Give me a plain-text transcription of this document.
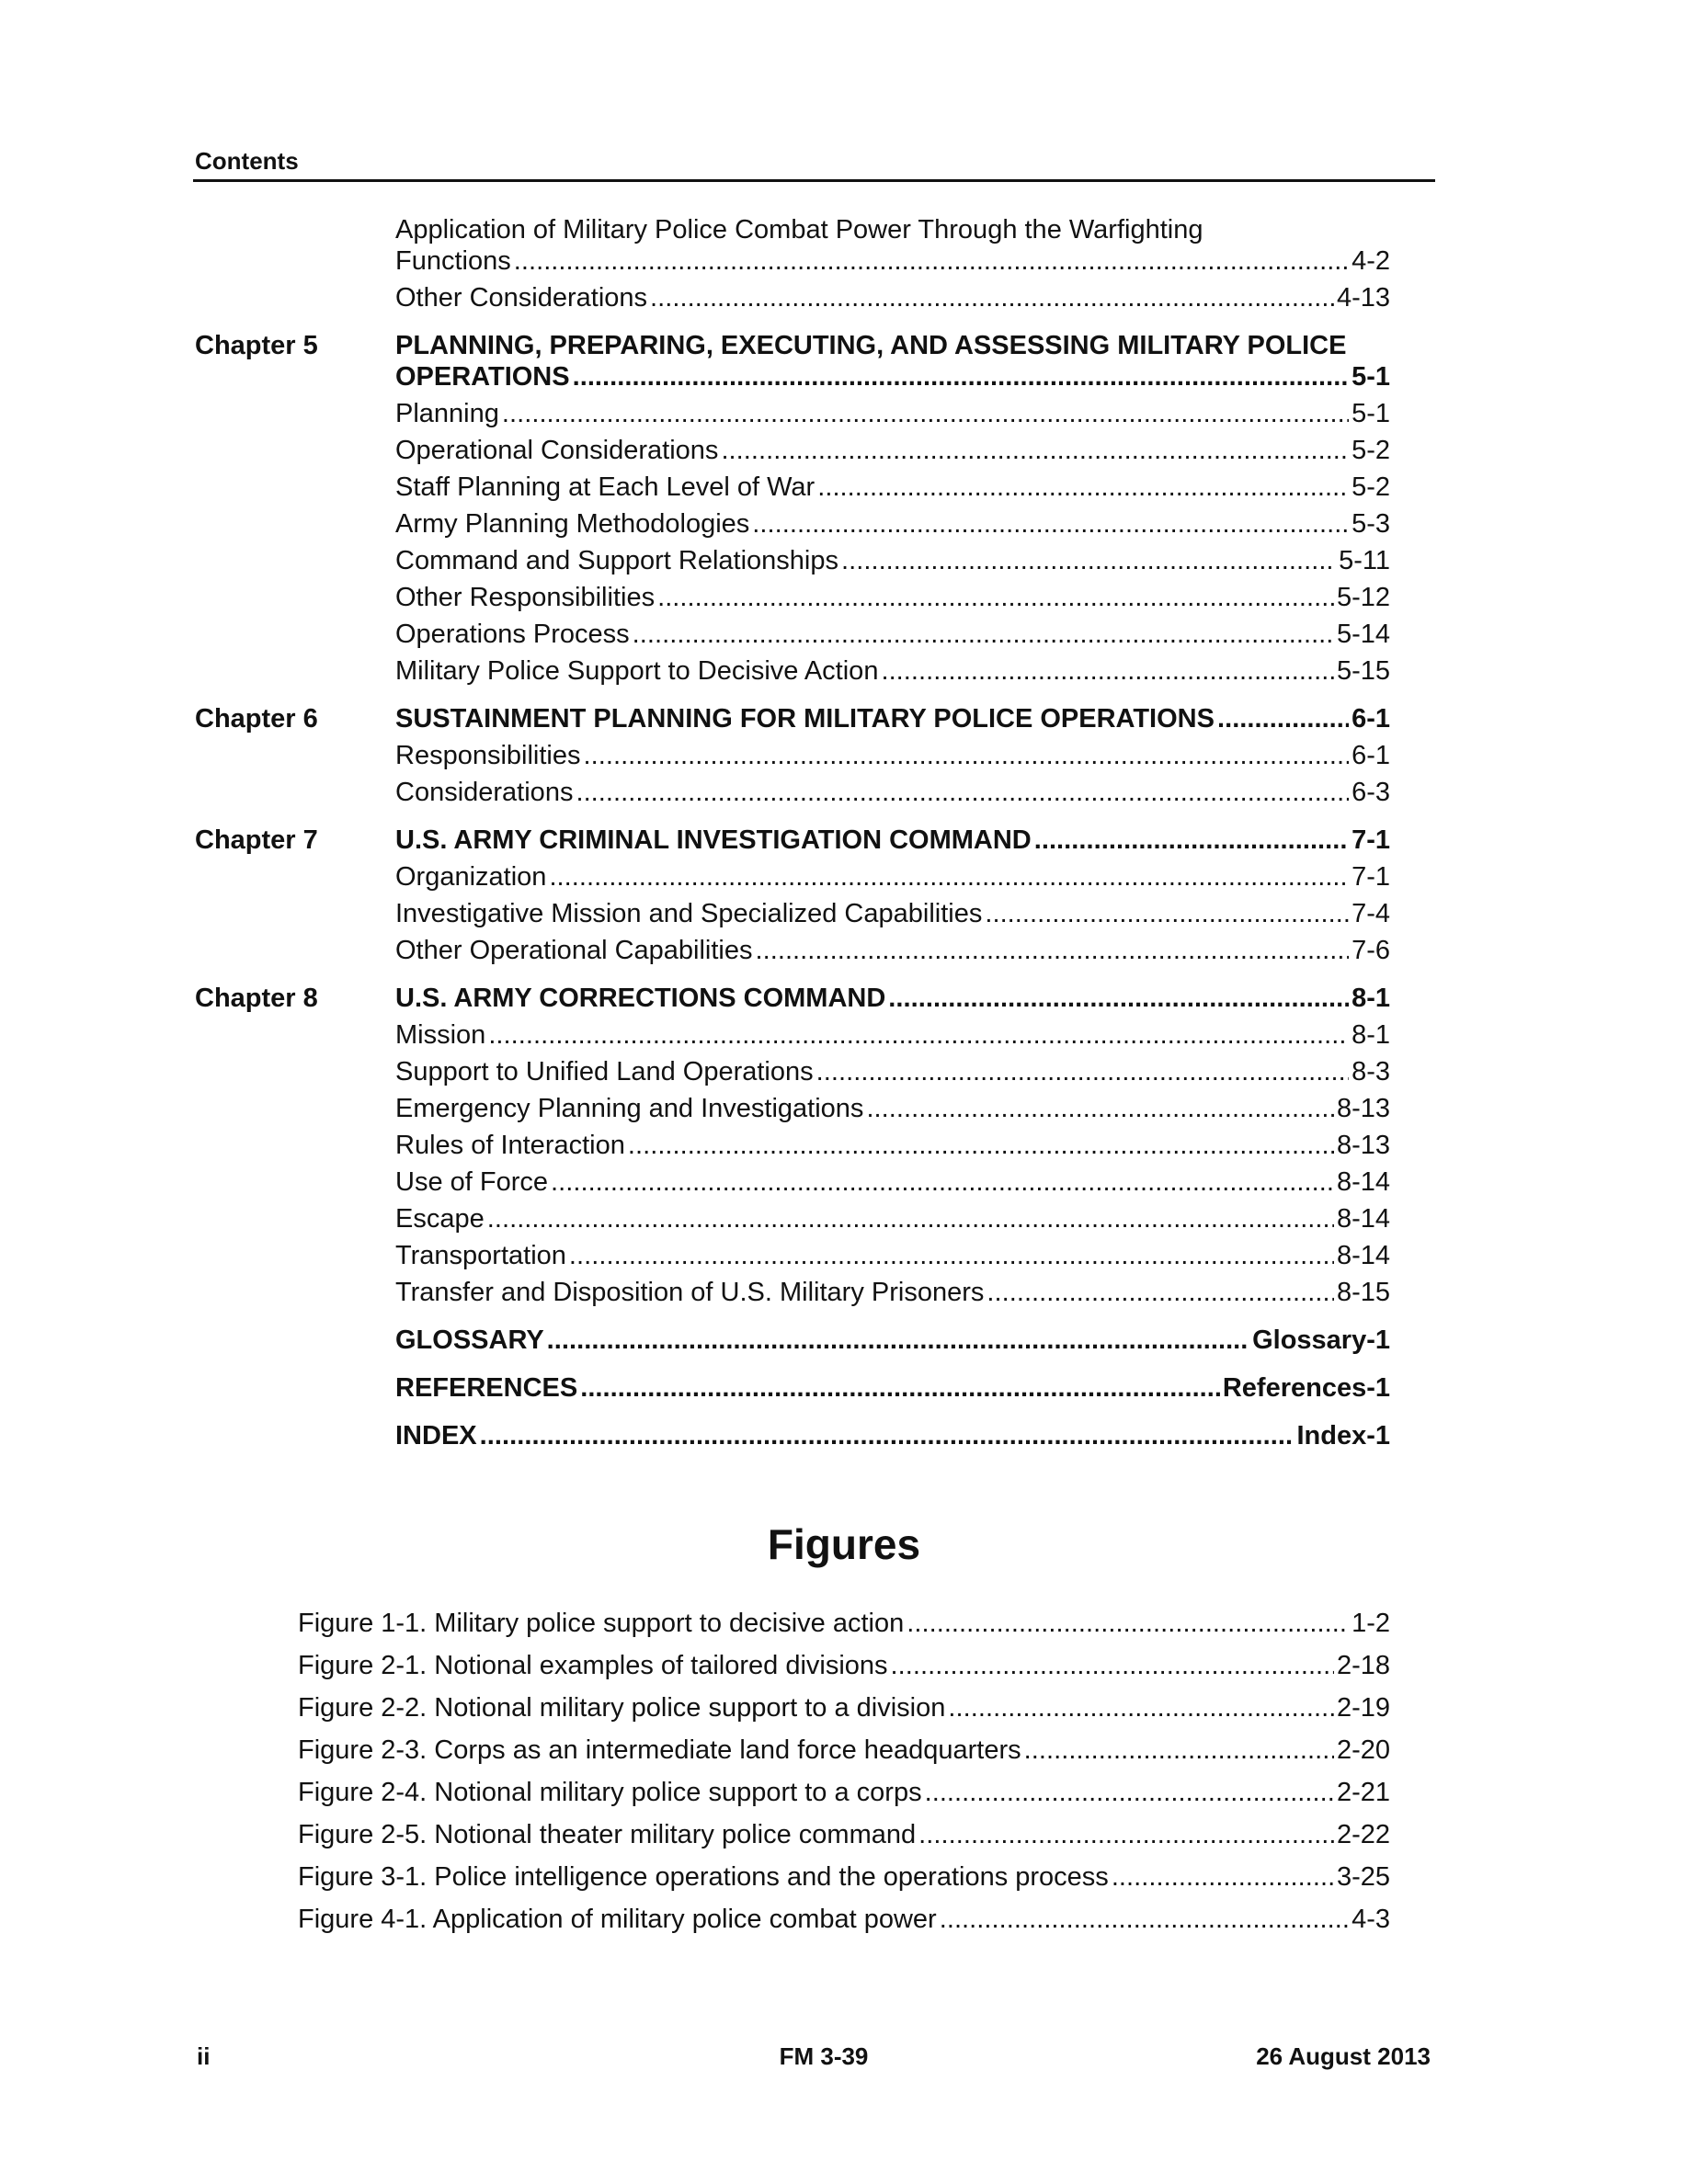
Contents
Application of Military Police Combat Power Through the Warfighting
Functions . . .	4-2
Other Considerations . . .	4-13
Chapter 5	PLANNING, PREPARING, EXECUTING, AND ASSESSING MILITARY POLICE
OPERATIONS . . .	5-1
Planning . . .	5-1
Operational Considerations . . .	5-2
Staff Planning at Each Level of War . . .	5-2
Army Planning Methodologies . . .	5-3
Command and Support Relationships . . .	5-11
Other Responsibilities . . .	5-12
Operations Process . . .	5-14
Military Police Support to Decisive Action . . .	5-15
Chapter 6	SUSTAINMENT PLANNING FOR MILITARY POLICE OPERATIONS . . .	6-1
Responsibilities . . .	6-1
Considerations . . .	6-3
Chapter 7	U.S. ARMY CRIMINAL INVESTIGATION COMMAND . . .	7-1
Organization . . .	7-1
Investigative Mission and Specialized Capabilities . . .	7-4
Other Operational Capabilities . . .	7-6
Chapter 8	U.S. ARMY CORRECTIONS COMMAND . . .	8-1
Mission . . .	8-1
Support to Unified Land Operations . . .	8-3
Emergency Planning and Investigations . . .	8-13
Rules of Interaction . . .	8-13
Use of Force . . .	8-14
Escape . . .	8-14
Transportation . . .	8-14
Transfer and Disposition of U.S. Military Prisoners . . .	8-15
GLOSSARY . . .	Glossary-1
REFERENCES . . .	References-1
INDEX . . .	Index-1
Figures
Figure 1-1. Military police support to decisive action . . .	1-2
Figure 2-1. Notional examples of tailored divisions . . .	2-18
Figure 2-2. Notional military police support to a division . . .	2-19
Figure 2-3. Corps as an intermediate land force headquarters . . .	2-20
Figure 2-4. Notional military police support to a corps . . .	2-21
Figure 2-5. Notional theater military police command . . .	2-22
Figure 3-1. Police intelligence operations and the operations process . . .	3-25
Figure 4-1. Application of military police combat power . . .	4-3
ii	FM 3-39	26 August 2013
